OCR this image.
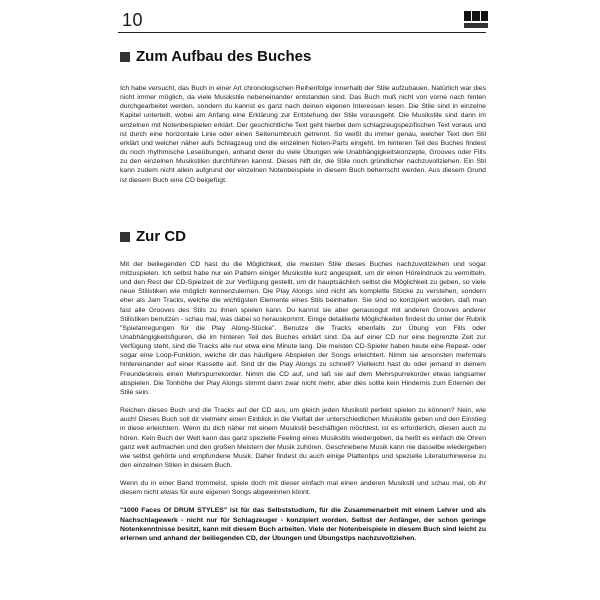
10
Zum Aufbau des Buches

Ich habe versucht, das Buch in einer Art chronologischen Reihenfolge innerhalb der Stile aufzubauen. Natürlich war dies nicht immer möglich, da viele Musikstile nebeneinander entstanden sind. Das Buch muß nicht von vorne nach hinten durchgearbeitet werden, sondern du kannst es ganz nach deinen eigenen Interessen lesen. Die Stile sind in einzelne Kapitel unterteilt, wobei am Anfang eine Erklärung zur Entstehung der Stile vorausgeht. Die Musikstile sind dann im einzelnen mit Notenbeispielen erklärt. Der geschichtliche Text geht hierbei dem schlagzeugspezifischen Text voraus und ist durch eine horizontale Linie oder einen Seitenumbruch getrennt. So weißt du immer genau, welcher Text den Stil erklärt und welcher näher aufs Schlagzeug und die einzelnen Noten-Parts eingeht. Im hinteren Teil des Buches findest du noch rhythmische Leseübungen, anhand derer du viele Übungen wie Unabhängigkeitskonzepte, Grooves oder Fills zu den einzelnen Musikstilen durchführen kannst. Dieses hilft dir, die Stile noch gründlicher nachzuvollziehen. Ein Stil kann zudem nicht allein aufgrund der einzelnen Notenbeispiele in diesem Buch beherrscht werden. Aus diesem Grund ist diesem Buch eine CD beigefügt.

Zur CD

Mit der beiliegenden CD hast du die Möglichkeit, die meisten Stile dieses Buches nachzuvollziehen und sogar mitzuspielen. Ich selbst habe nur ein Pattern einiger Musikstile kurz angespielt, um dir einen Höreindruck zu vermitteln, und den Rest der CD-Spielzeit dir zur Verfügung gestellt, um dir hauptsächlich selbst die Möglichkeit zu geben, so viele neue Stilistiken wie möglich kennenzulernen. Die Play Alongs sind nicht als komplette Stücke zu verstehen, sondern eher als Jam Tracks, welche die wichtigsten Elemente eines Stils beinhalten. Sie sind so konzipiert worden, daß man fast alle Grooves des Stils zu ihnen spielen kann. Du kannst sie aber genausogut mit anderen Grooves anderer Stilistiken benutzen - schau mal, was dabei so herauskommt. Einige detaillierte Möglichkeiten findest du unter der Rubrik "Spielanregungen für die Play Along-Stücke". Benutze die Tracks ebenfalls zur Übung von Fills oder Unabhängigkeitsfiguren, die im hinteren Teil des Buches erklärt sind. Da auf einer CD nur eine begrenzte Zeit zur Verfügung steht, sind die Tracks alle nur etwa eine Minute lang. Die meisten CD-Spieler haben heute eine Repeat- oder sogar eine Loop-Funktion, welche dir das häufigere Abspielen der Songs erleichtert. Nimm sie ansonsten mehrmals hintereinander auf einer Kassette auf. Sind dir die Play Alongs zu schnell? Vielleicht hast du oder jemand in deinem Freundeskreis einen Mehrspurrekorder. Nimm die CD auf, und laß sie auf dem Mehrspurrekorder etwas langsamer abspielen. Die Tonhöhe der Play Alongs stimmt dann zwar nicht mehr, aber dies sollte kein Hindernis zum Erlernen der Stile sein.

Reichen dieses Buch und die Tracks auf der CD aus, um gleich jeden Musikstil perfekt spielen zu können? Nein, wie auch! Dieses Buch soll dir vielmehr einen Einblick in die Vielfalt der unterschiedlichen Musikstile geben und den Einstieg in diese erleichtern. Wenn du dich näher mit einem Musikstil beschäftigen möchtest, ist es erforderlich, diesen auch zu hören. Kein Buch der Welt kann das ganz spezielle Feeling eines Musikstils wiedergeben, da heißt es einfach die Ohren ganz weit aufmachen und den großen Meistern der Musik zuhören. Geschriebene Musik kann nie dasselbe wiedergeben wie selbst gehörte und empfundene Musik. Daher findest du auch einige Plattentips und spezielle Literaturhinweise zu den einzelnen Stilen in diesem Buch.

Wenn du in einer Band trommelst, spiele doch mit dieser einfach mal einen anderen Musikstil und schau mal, ob ihr diesem nicht etwas für eure eigenen Songs abgewinnen könnt.

"1000 Faces Of DRUM STYLES" ist für das Selbststudium, für die Zusammenarbeit mit einem Lehrer und als Nachschlagewerk - nicht nur für Schlagzeuger - konzipiert worden. Selbst der Anfänger, der schon geringe Notenkenntnisse besitzt, kann mit diesem Buch arbeiten. Viele der Notenbeispiele in diesem Buch sind leicht zu erlernen und anhand der beiliegenden CD, der Übungen und Übungstips nachzuvollziehen.
